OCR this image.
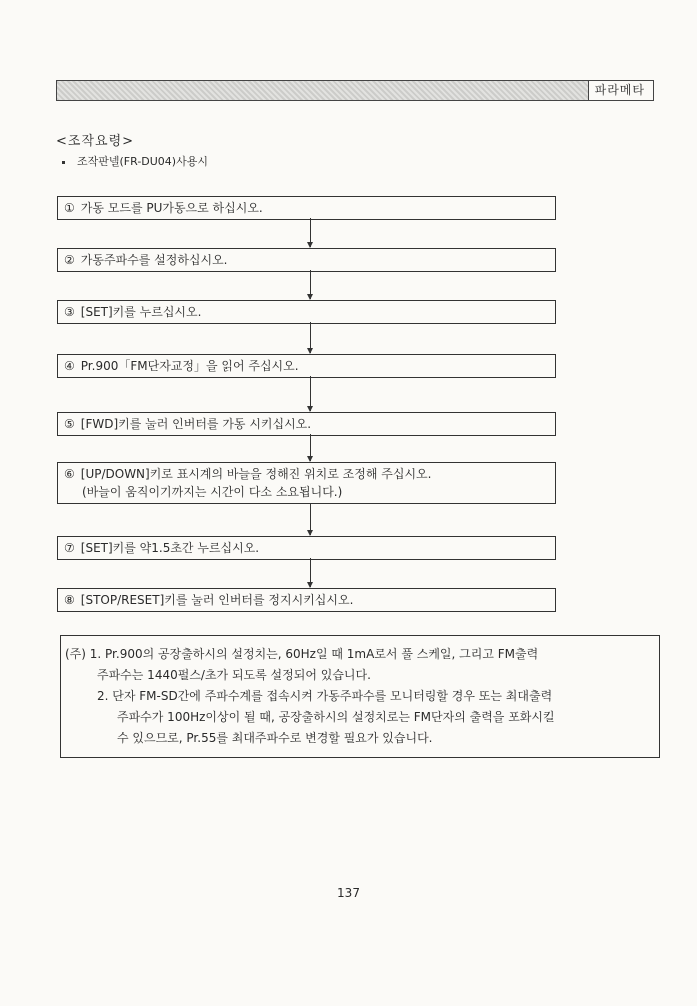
파라메타
<조작요령>
조작판넬(FR-DU04)사용시
① 가동 모드를 PU가동으로 하십시오.
② 가동주파수를 설정하십시오.
③ [SET]키를 누르십시오.
④ Pr.900「FM단자교정」을 읽어 주십시오.
⑤ [FWD]키를 눌러 인버터를 가동 시키십시오.
⑥ [UP/DOWN]키로 표시계의 바늘을 정해진 위치로 조정해 주십시오.
(바늘이 움직이기까지는 시간이 다소 소요됩니다.)
⑦ [SET]키를 약1.5초간 누르십시오.
⑧ [STOP/RESET]키를 눌러 인버터를 정지시키십시오.
(주) 1. Pr.900의 공장출하시의 설정치는, 60Hz일 때 1mA로서 풀 스케일, 그리고 FM출력
주파수는 1440펄스/초가 되도록 설정되어 있습니다.
2. 단자 FM-SD간에 주파수계를 접속시켜 가동주파수를 모니터링할 경우 또는 최대출력
주파수가 100Hz이상이 될 때, 공장출하시의 설정치로는 FM단자의 출력을 포화시킬
수 있으므로, Pr.55를 최대주파수로 변경할 필요가 있습니다.
137
